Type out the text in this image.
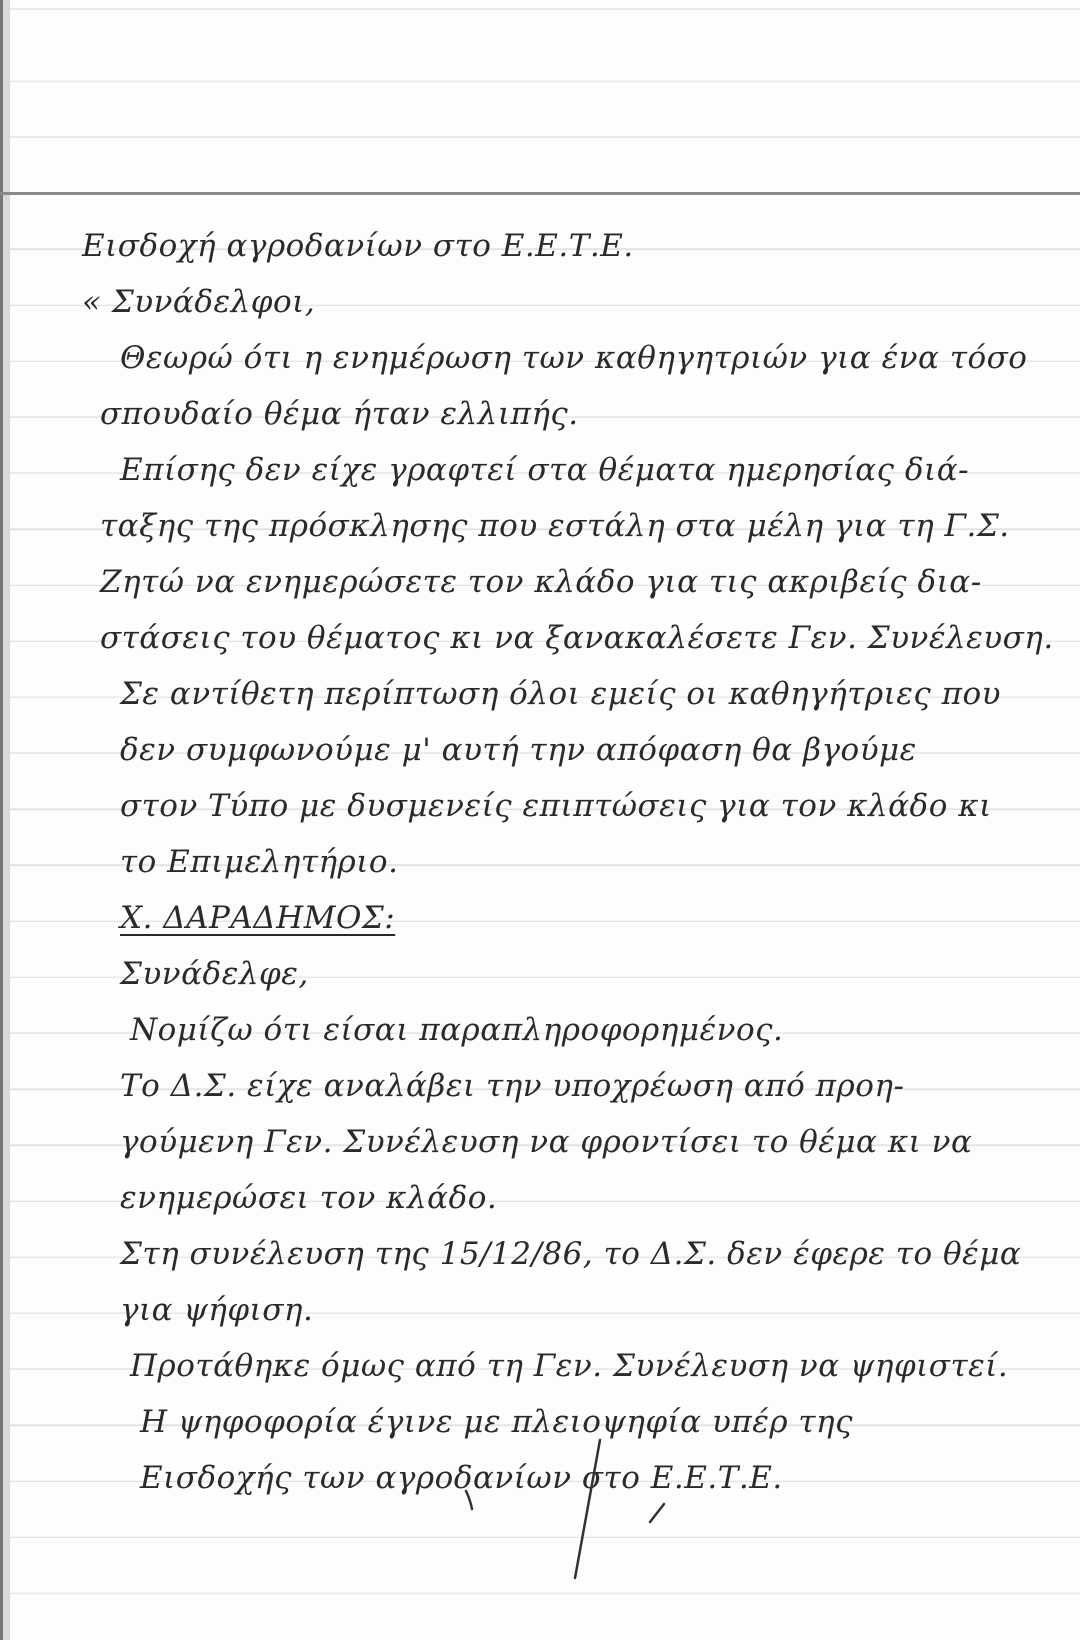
Εισδοχή αγροδανίων στο Ε.Ε.Τ.Ε.
« Συνάδελφοι,
Θεωρώ ότι η ενημέρωση των καθηγητριών για ένα τόσο
σπουδαίο θέμα ήταν ελλιπής.
Επίσης δεν είχε γραφτεί στα θέματα ημερησίας διά-
ταξης της πρόσκλησης που εστάλη στα μέλη για τη Γ.Σ.
Ζητώ να ενημερώσετε τον κλάδο για τις ακριβείς δια-
στάσεις του θέματος κι να ξανακαλέσετε Γεν. Συνέλευση.
Σε αντίθετη περίπτωση όλοι εμείς οι καθηγήτριες που
δεν συμφωνούμε μ' αυτή την απόφαση θα βγούμε
στον Τύπο με δυσμενείς επιπτώσεις για τον κλάδο κι
το Επιμελητήριο.
Χ. ΔΑΡΑΔΗΜΟΣ:
Συνάδελφε,
Νομίζω ότι είσαι παραπληροφορημένος.
Το Δ.Σ. είχε αναλάβει την υποχρέωση από προη-
γούμενη Γεν. Συνέλευση να φροντίσει το θέμα κι να
ενημερώσει τον κλάδο.
Στη συνέλευση της 15/12/86, το Δ.Σ. δεν έφερε το θέμα
για ψήφιση.
Προτάθηκε όμως από τη Γεν. Συνέλευση να ψηφιστεί.
Η ψηφοφορία έγινε με πλειοψηφία υπέρ της
Εισδοχής των αγροδανίων στο Ε.Ε.Τ.Ε.
